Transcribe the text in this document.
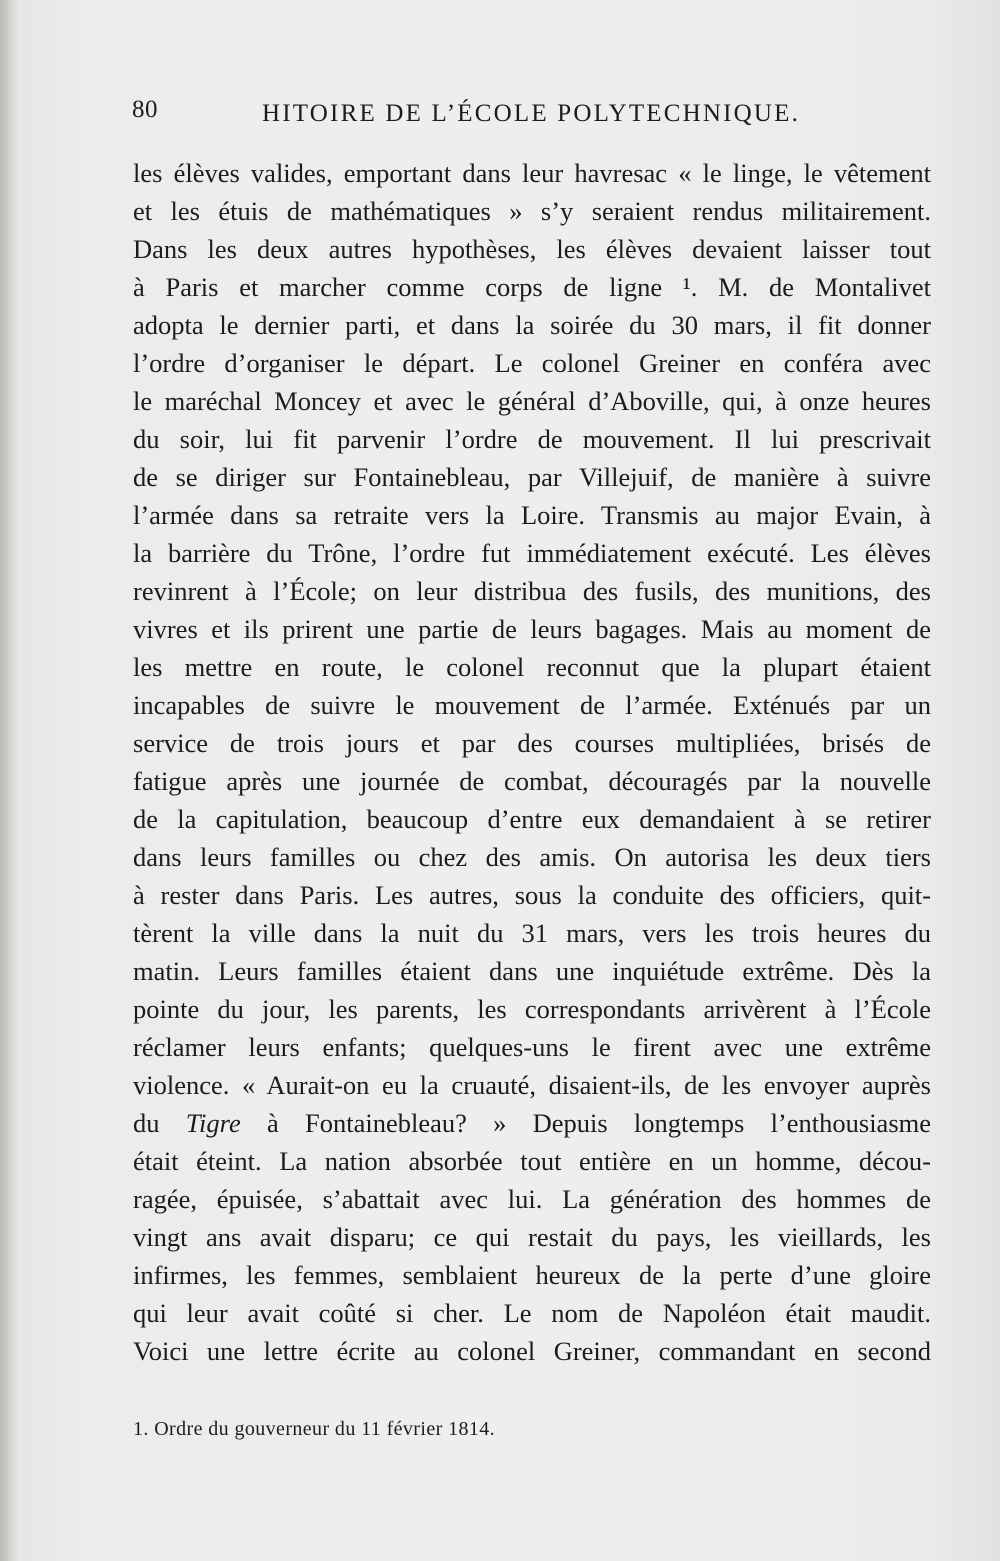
80	HITOIRE DE L’ÉCOLE POLYTECHNIQUE.
les élèves valides, emportant dans leur havresac « le linge, le vêtement
et les étuis de mathématiques » s’y seraient rendus militairement.
Dans les deux autres hypothèses, les élèves devaient laisser tout
à Paris et marcher comme corps de ligne ¹. M. de Montalivet
adopta le dernier parti, et dans la soirée du 30 mars, il fit donner
l’ordre d’organiser le départ. Le colonel Greiner en conféra avec
le maréchal Moncey et avec le général d’Aboville, qui, à onze heures
du soir, lui fit parvenir l’ordre de mouvement. Il lui prescrivait
de se diriger sur Fontainebleau, par Villejuif, de manière à suivre
l’armée dans sa retraite vers la Loire. Transmis au major Evain, à
la barrière du Trône, l’ordre fut immédiatement exécuté. Les élèves
revinrent à l’École; on leur distribua des fusils, des munitions, des
vivres et ils prirent une partie de leurs bagages. Mais au moment de
les mettre en route, le colonel reconnut que la plupart étaient
incapables de suivre le mouvement de l’armée. Exténués par un
service de trois jours et par des courses multipliées, brisés de
fatigue après une journée de combat, découragés par la nouvelle
de la capitulation, beaucoup d’entre eux demandaient à se retirer
dans leurs familles ou chez des amis. On autorisa les deux tiers
à rester dans Paris. Les autres, sous la conduite des officiers, quit-
tèrent la ville dans la nuit du 31 mars, vers les trois heures du
matin. Leurs familles étaient dans une inquiétude extrême. Dès la
pointe du jour, les parents, les correspondants arrivèrent à l’École
réclamer leurs enfants; quelques-uns le firent avec une extrême
violence. « Aurait-on eu la cruauté, disaient-ils, de les envoyer auprès
du Tigre à Fontainebleau? » Depuis longtemps l’enthousiasme
était éteint. La nation absorbée tout entière en un homme, décou-
ragée, épuisée, s’abattait avec lui. La génération des hommes de
vingt ans avait disparu; ce qui restait du pays, les vieillards, les
infirmes, les femmes, semblaient heureux de la perte d’une gloire
qui leur avait coûté si cher. Le nom de Napoléon était maudit.
Voici une lettre écrite au colonel Greiner, commandant en second
1. Ordre du gouverneur du 11 février 1814.
